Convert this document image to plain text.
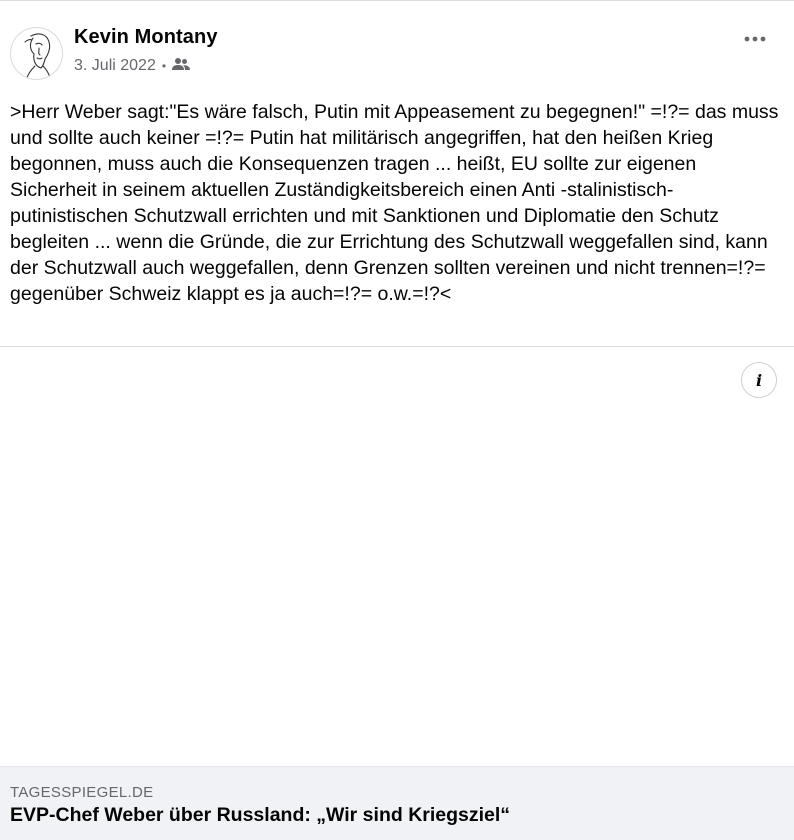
Kevin Montany
3. Juli 2022 •
>Herr Weber sagt:"Es wäre falsch, Putin mit Appeasement zu begegnen!" =!?= das muss und sollte auch keiner =!?= Putin hat militärisch angegriffen, hat den heißen Krieg begonnen, muss auch die Konsequenzen tragen ... heißt, EU sollte zur eigenen Sicherheit in seinem aktuellen Zuständigkeitsbereich einen Anti -stalinistisch- putinistischen Schutzwall errichten und mit Sanktionen und Diplomatie den Schutz begleiten ... wenn die Gründe, die zur Errichtung des Schutzwall weggefallen sind, kann der Schutzwall auch weggefallen, denn Grenzen sollten vereinen und nicht trennen=!?= gegenüber Schweiz klappt es ja auch=!?= o.w.=!?<
i
TAGESSPIEGEL.DE
EVP-Chef Weber über Russland: „Wir sind Kriegsziel“
